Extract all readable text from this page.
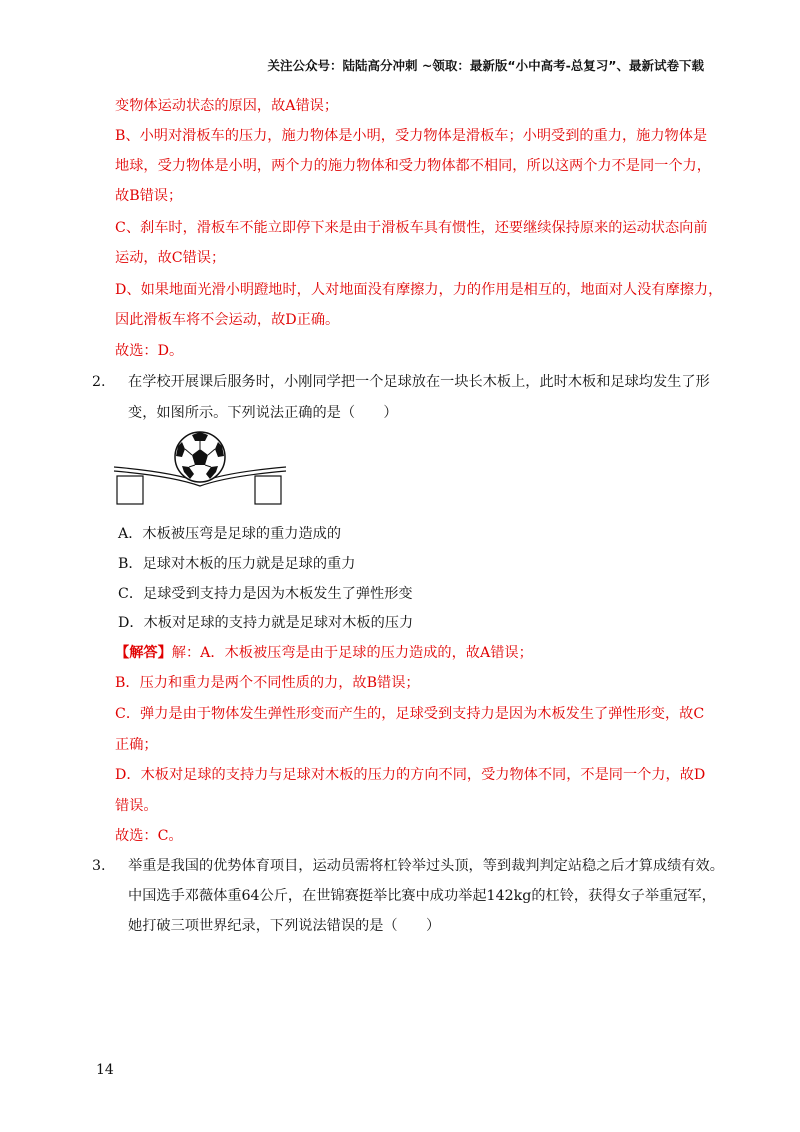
关注公众号：陆陆高分冲刺 ~领取：最新版“小中高考-总复习”、最新试卷下载
变物体运动状态的原因，故A错误；
B、小明对滑板车的压力，施力物体是小明，受力物体是滑板车；小明受到的重力，施力物体是
地球，受力物体是小明，两个力的施力物体和受力物体都不相同，所以这两个力不是同一个力，
故B错误；
C、刹车时，滑板车不能立即停下来是由于滑板车具有惯性，还要继续保持原来的运动状态向前
运动，故C错误；
D、如果地面光滑小明蹬地时，人对地面没有摩擦力，力的作用是相互的，地面对人没有摩擦力，
因此滑板车将不会运动，故D正确。
故选：D。
2. 在学校开展课后服务时，小刚同学把一个足球放在一块长木板上，此时木板和足球均发生了形
变，如图所示。下列说法正确的是（　　）
A．木板被压弯是足球的重力造成的
B．足球对木板的压力就是足球的重力
C．足球受到支持力是因为木板发生了弹性形变
D．木板对足球的支持力就是足球对木板的压力
【解答】解：A．木板被压弯是由于足球的压力造成的，故A错误；
B．压力和重力是两个不同性质的力，故B错误；
C．弹力是由于物体发生弹性形变而产生的，足球受到支持力是因为木板发生了弹性形变，故C
正确；
D．木板对足球的支持力与足球对木板的压力的方向不同，受力物体不同，不是同一个力，故D
错误。
故选：C。
3. 举重是我国的优势体育项目，运动员需将杠铃举过头顶，等到裁判判定站稳之后才算成绩有效。
中国选手邓薇体重64公斤，在世锦赛挺举比赛中成功举起142kg的杠铃，获得女子举重冠军，
她打破三项世界纪录，下列说法错误的是（　　）
14
